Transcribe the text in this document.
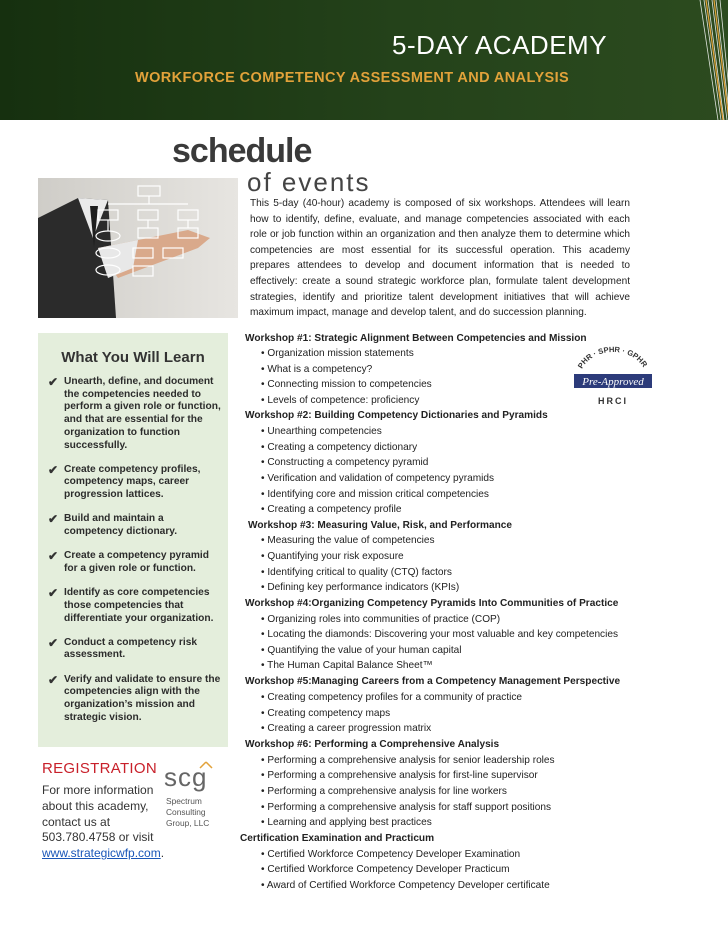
5-DAY ACADEMY
WORKFORCE COMPETENCY ASSESSMENT AND ANALYSIS
schedule
of events
This 5-day (40-hour) academy is composed of six workshops. Attendees will learn how to identify, define, evaluate, and manage competencies associated with each role or job function within an organization and then analyze them to determine which competencies are most essential for its successful operation. This academy prepares attendees to develop and document information that is needed to effectively: create a sound strategic workforce plan, formulate talent development strategies, identify and prioritize talent development initiatives that will achieve maximum impact, manage and develop talent, and do succession planning.
What You Will Learn
✔ Unearth, define, and document the competencies needed to perform a given role or function, and that are essential for the organization to function successfully.
✔ Create competency profiles, competency maps, career progression lattices.
✔ Build and maintain a competency dictionary.
✔ Create a competency pyramid for a given role or function.
✔ Identify as core competencies those competencies that differentiate your organization.
✔ Conduct a competency risk assessment.
✔ Verify and validate to ensure the competencies align with the organization’s mission and strategic vision.
REGISTRATION
For more information
about this academy,
contact us at
503.780.4758 or visit
www.strategicwfp.com.
scg
Spectrum
Consulting
Group, LLC
PHR · SPHR · GPHR
Pre-Approved
HRCI
Workshop #1: Strategic Alignment Between Competencies and Mission
• Organization mission statements
• What is a competency?
• Connecting mission to competencies
• Levels of competence: proficiency
Workshop #2: Building Competency Dictionaries and Pyramids
• Unearthing competencies
• Creating a competency dictionary
• Constructing a competency pyramid
• Verification and validation of competency pyramids
• Identifying core and mission critical competencies
• Creating a competency profile
Workshop #3: Measuring Value, Risk, and Performance
• Measuring the value of competencies
• Quantifying your risk exposure
• Identifying critical to quality (CTQ) factors
• Defining key performance indicators (KPIs)
Workshop #4:Organizing Competency Pyramids Into Communities of Practice
• Organizing roles into communities of practice (COP)
• Locating the diamonds: Discovering your most valuable and key competencies
• Quantifying the value of your human capital
• The Human Capital Balance Sheet™
Workshop #5:Managing Careers from a Competency Management Perspective
• Creating competency profiles for a community of practice
• Creating competency maps
• Creating a career progression matrix
Workshop #6: Performing a Comprehensive Analysis
• Performing a comprehensive analysis for senior leadership roles
• Performing a comprehensive analysis for first-line supervisor
• Performing a comprehensive analysis for line workers
• Performing a comprehensive analysis for staff support positions
• Learning and applying best practices
Certification Examination and Practicum
• Certified Workforce Competency Developer Examination
• Certified Workforce Competency Developer Practicum
• Award of Certified Workforce Competency Developer certificate
